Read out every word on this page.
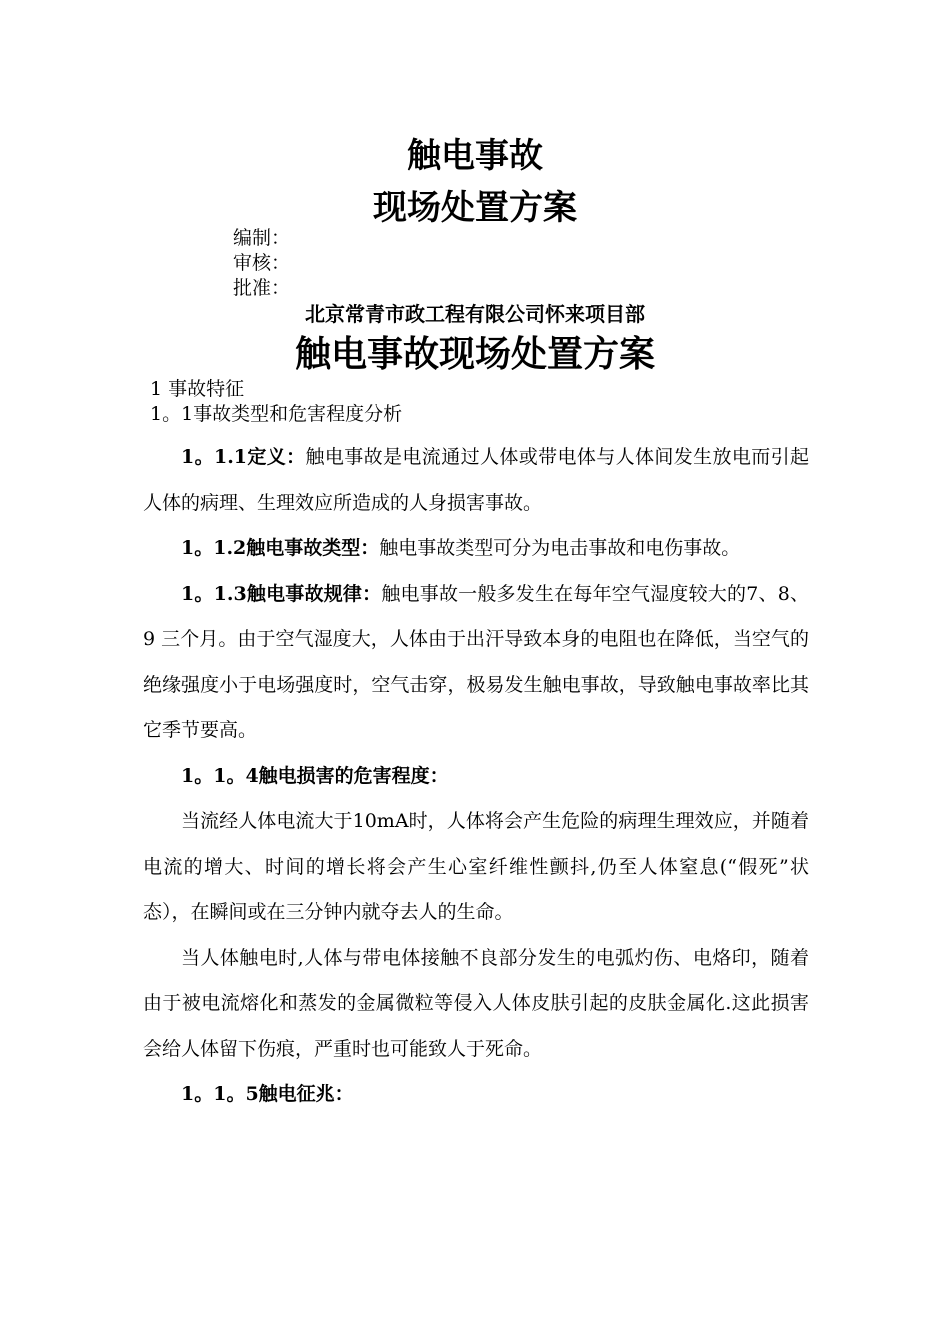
触电事故
现场处置方案
编制：
审核：
批准：
北京常青市政工程有限公司怀来项目部
触电事故现场处置方案
1 事故特征
1。1事故类型和危害程度分析

1。1.1定义：触电事故是电流通过人体或带电体与人体间发生放电而引起人体的病理、生理效应所造成的人身损害事故。

1。1.2触电事故类型：触电事故类型可分为电击事故和电伤事故。

1。1.3触电事故规律：触电事故一般多发生在每年空气湿度较大的7、8、9 三个月。由于空气湿度大，人体由于出汗导致本身的电阻也在降低，当空气的绝缘强度小于电场强度时，空气击穿，极易发生触电事故，导致触电事故率比其它季节要高。

1。1。4触电损害的危害程度：

当流经人体电流大于10mA时，人体将会产生危险的病理生理效应，并随着电流的增大、时间的增长将会产生心室纤维性颤抖,仍至人体窒息(“假死”状态），在瞬间或在三分钟内就夺去人的生命。

当人体触电时,人体与带电体接触不良部分发生的电弧灼伤、电烙印，随着由于被电流熔化和蒸发的金属微粒等侵入人体皮肤引起的皮肤金属化.这此损害会给人体留下伤痕，严重时也可能致人于死命。

1。1。5触电征兆：
